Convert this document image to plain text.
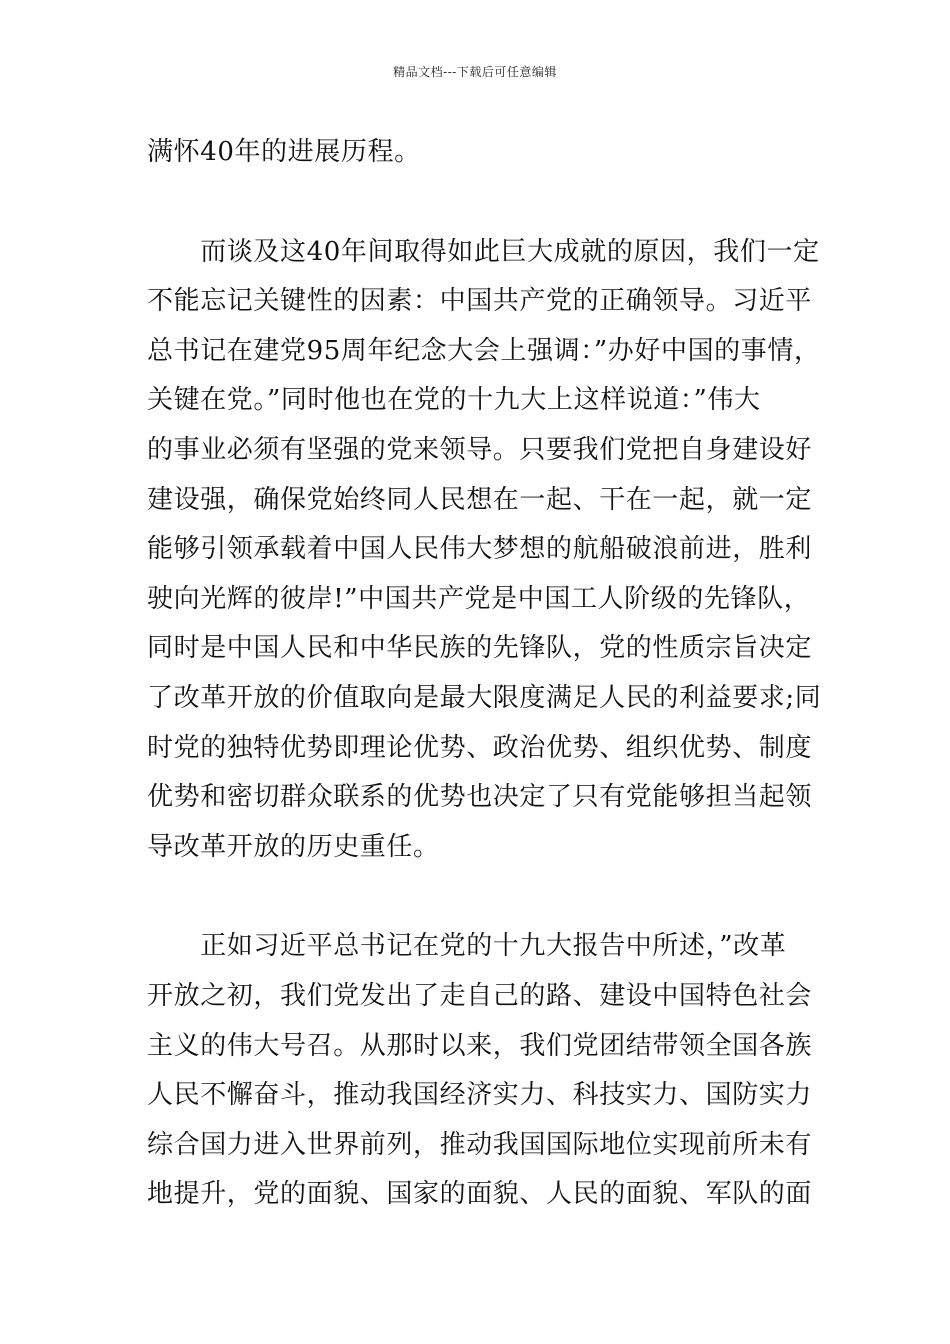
精品文档---下载后可任意编辑
满怀40年的进展历程。
　　而谈及这40年间取得如此巨大成就的原因，我们一定
不能忘记关键性的因素：中国共产党的正确领导。习近平
总书记在建党95周年纪念大会上强调：”办好中国的事情，
关键在党。”同时他也在党的十九大上这样说道：”伟大
的事业必须有坚强的党来领导。只要我们党把自身建设好
建设强，确保党始终同人民想在一起、干在一起，就一定
能够引领承载着中国人民伟大梦想的航船破浪前进，胜利
驶向光辉的彼岸!”中国共产党是中国工人阶级的先锋队，
同时是中国人民和中华民族的先锋队，党的性质宗旨决定
了改革开放的价值取向是最大限度满足人民的利益要求;同
时党的独特优势即理论优势、政治优势、组织优势、制度
优势和密切群众联系的优势也决定了只有党能够担当起领
导改革开放的历史重任。
　　正如习近平总书记在党的十九大报告中所述，”改革
开放之初，我们党发出了走自己的路、建设中国特色社会
主义的伟大号召。从那时以来，我们党团结带领全国各族
人民不懈奋斗，推动我国经济实力、科技实力、国防实力
综合国力进入世界前列，推动我国国际地位实现前所未有
地提升，党的面貌、国家的面貌、人民的面貌、军队的面
